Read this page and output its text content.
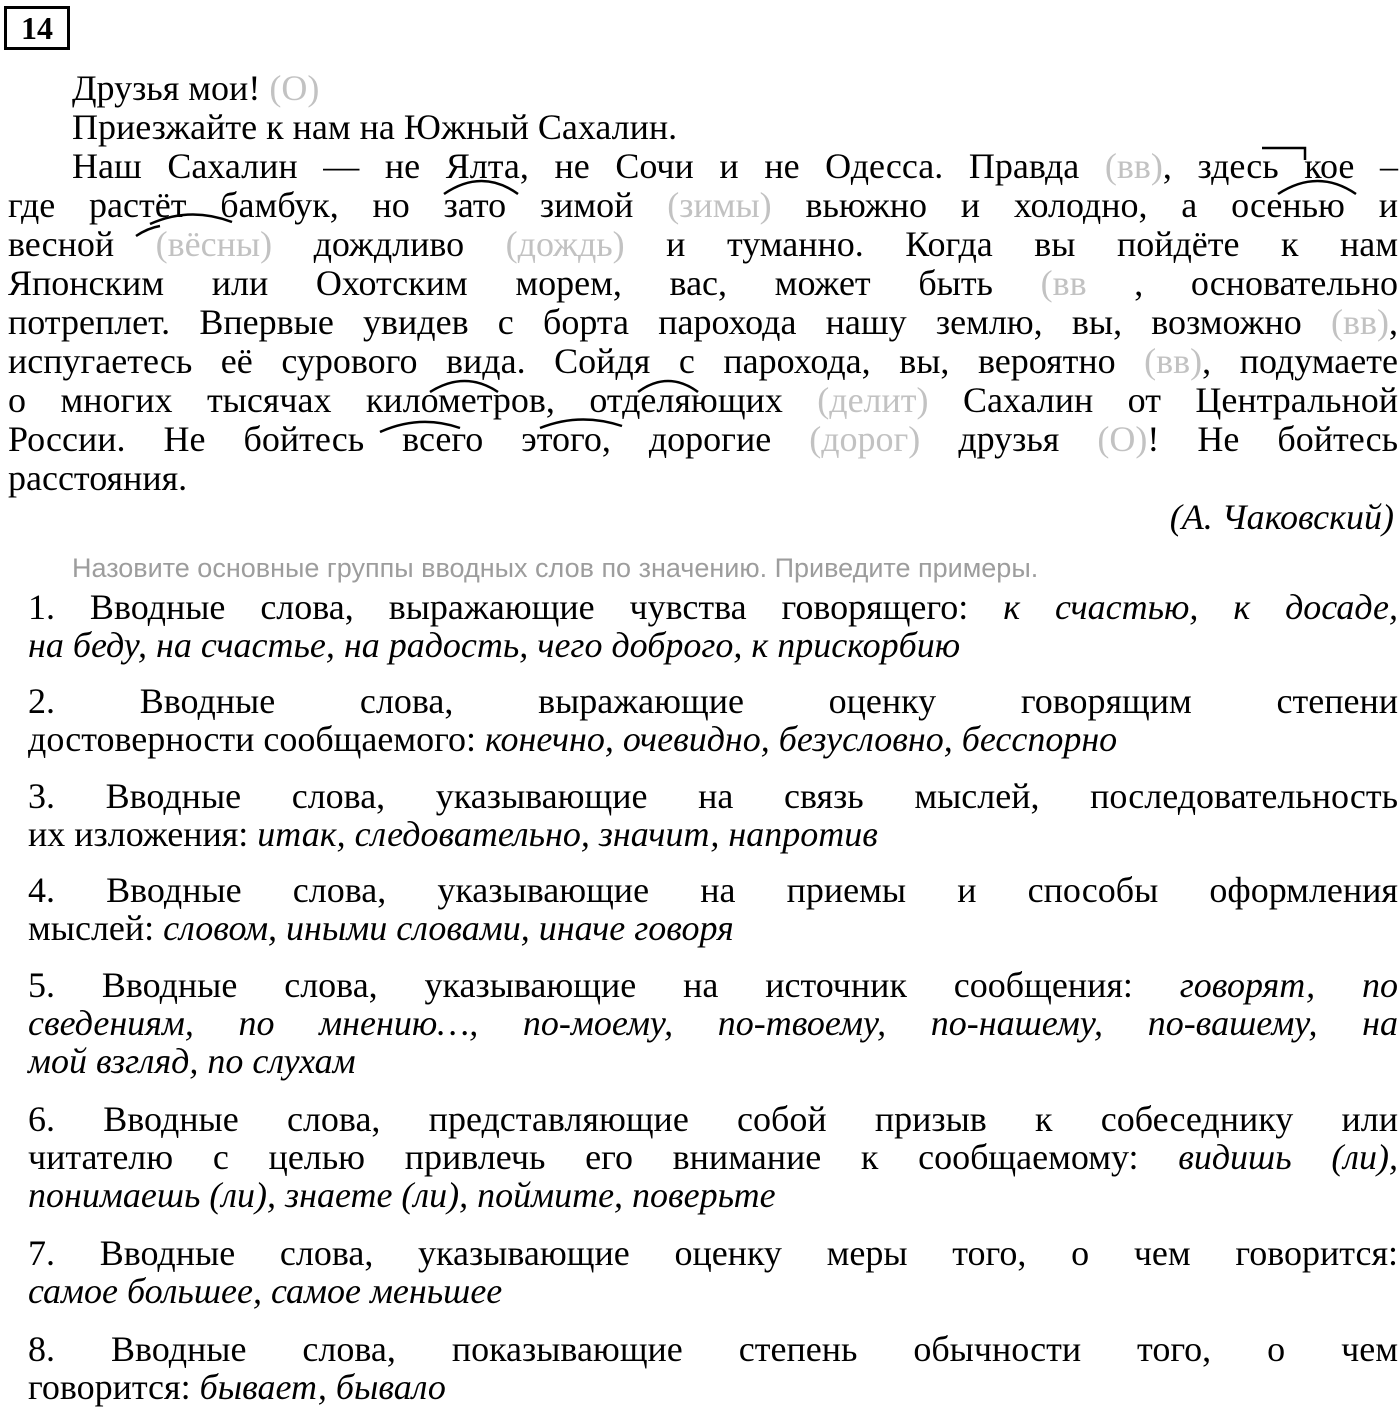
14
Друзья мои! (О)
Приезжайте к нам на Южный Сахалин.
Наш Сахалин — не Ялта, не Сочи и не Одесса. Правда (вв), здесь кое –
где растёт бамбук, но зато зимой (зимы) вьюжно и холодно, а осенью и
весной (вёсны) дождливо (дождь) и туманно. Когда вы пойдёте к нам
Японским или Охотским морем, вас, может быть (вв , основательно
потреплет. Впервые увидев с борта парохода нашу землю, вы, возможно (вв),
испугаетесь её сурового вида. Сойдя с парохода, вы, вероятно (вв), подумаете
о многих тысячах километров, отделяющих (делит) Сахалин от Центральной
России. Не бойтесь всего этого, дорогие (дорог) друзья (О)! Не бойтесь
расстояния.
(А. Чаковский)
Назовите основные группы вводных слов по значению. Приведите примеры.
1. Вводные слова, выражающие чувства говорящего: к счастью, к досаде,
на беду, на счастье, на радость, чего доброго, к прискорбию
2. Вводные слова, выражающие оценку говорящим степени
достоверности сообщаемого: конечно, очевидно, безусловно, бесспорно
3. Вводные слова, указывающие на связь мыслей, последовательность
их изложения: итак, следовательно, значит, напротив
4. Вводные слова, указывающие на приемы и способы оформления
мыслей: словом, иными словами, иначе говоря
5. Вводные слова, указывающие на источник сообщения: говорят, по
сведениям, по мнению…, по-моему, по-твоему, по-нашему, по-вашему, на
мой взгляд, по слухам
6. Вводные слова, представляющие собой призыв к собеседнику или
читателю с целью привлечь его внимание к сообщаемому: видишь (ли),
понимаешь (ли), знаете (ли), поймите, поверьте
7. Вводные слова, указывающие оценку меры того, о чем говорится:
самое большее, самое меньшее
8. Вводные слова, показывающие степень обычности того, о чем
говорится: бывает, бывало
